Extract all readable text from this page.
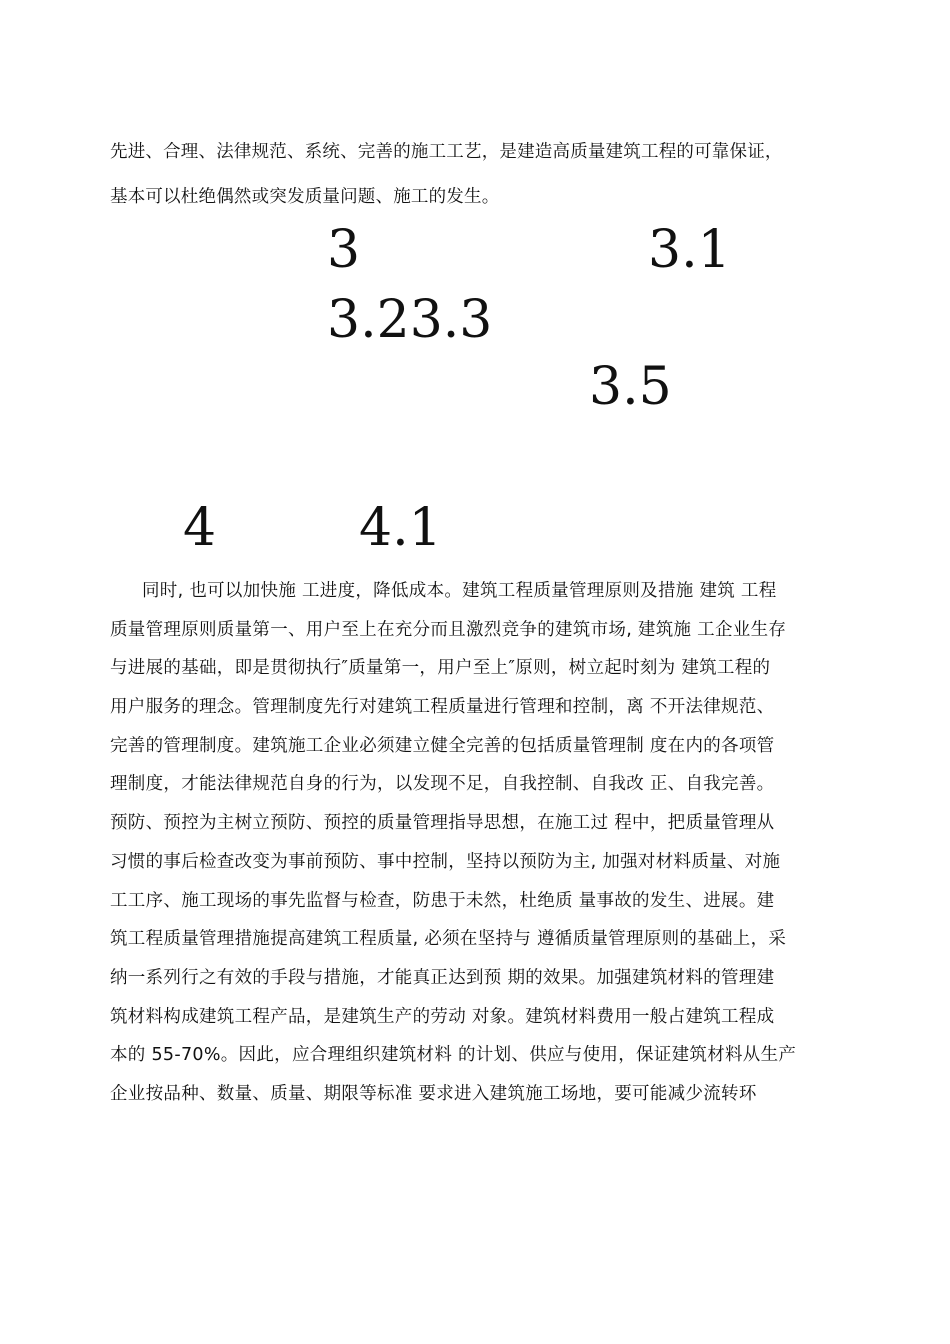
先进、合理、法律规范、系统、完善的施工工艺，是建造高质量建筑工程的可靠保证，
基本可以杜绝偶然或突发质量问题、施工的发生。
3	3.1
3.23.3
3.5
4	4.1
同时, 也可以加快施 工进度，降低成本。建筑工程质量管理原则及措施 建筑 工程
质量管理原则质量第一、用户至上在充分而且激烈竞争的建筑市场, 建筑施 工企业生存
与进展的基础，即是贯彻执行″质量第一，用户至上″原则，树立起时刻为 建筑工程的
用户服务的理念。管理制度先行对建筑工程质量进行管理和控制，离 不开法律规范、
完善的管理制度。建筑施工企业必须建立健全完善的包括质量管理制 度在内的各项管
理制度，才能法律规范自身的行为，以发现不足，自我控制、自我改 正、自我完善。
预防、预控为主树立预防、预控的质量管理指导思想，在施工过 程中，把质量管理从
习惯的事后检查改变为事前预防、事中控制，坚持以预防为主, 加强对材料质量、对施
工工序、施工现场的事先监督与检查，防患于未然，杜绝质 量事故的发生、进展。建
筑工程质量管理措施提高建筑工程质量, 必须在坚持与 遵循质量管理原则的基础上，采
纳一系列行之有效的手段与措施，才能真正达到预 期的效果。加强建筑材料的管理建
筑材料构成建筑工程产品，是建筑生产的劳动 对象。建筑材料费用一般占建筑工程成
本的 55-70%。因此，应合理组织建筑材料 的计划、供应与使用，保证建筑材料从生产
企业按品种、数量、质量、期限等标准 要求进入建筑施工场地，要可能减少流转环
